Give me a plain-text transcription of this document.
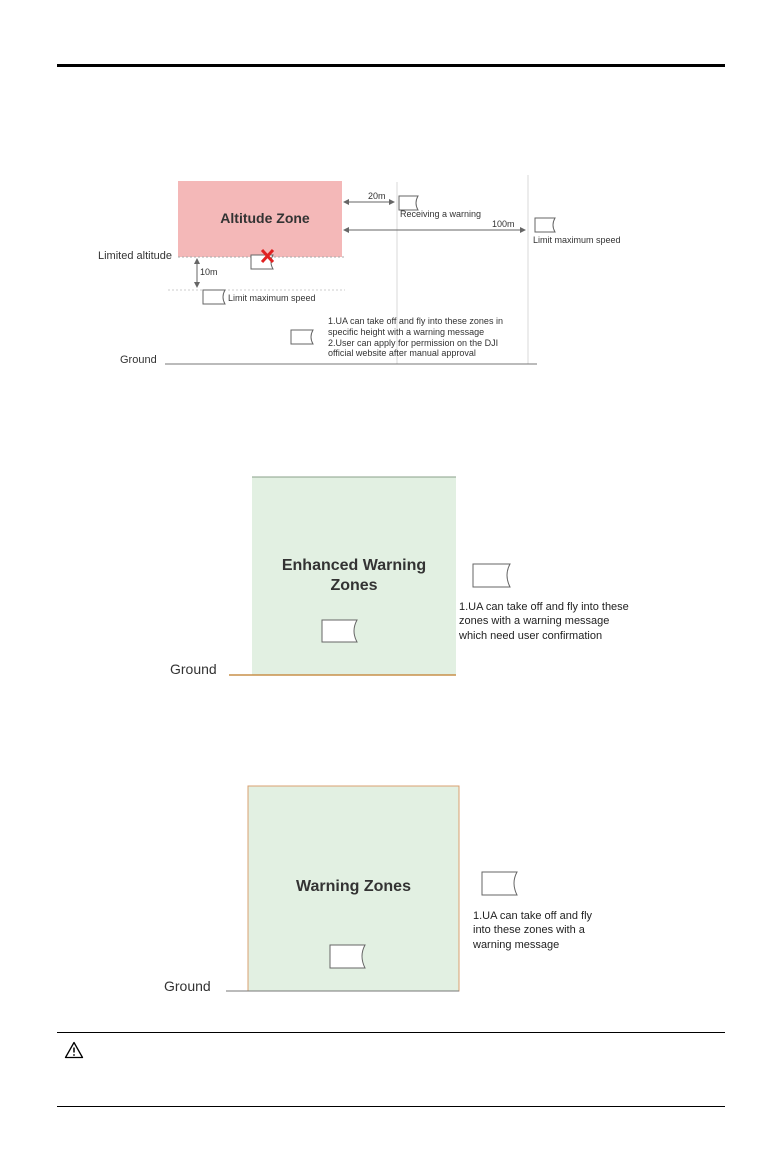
Altitude Zone
Limited altitude
20m
Receiving a warning
100m
Limit maximum speed
10m
Limit maximum speed
1.UA can take off and fly into these zones in
specific height with a warning message
2.User can apply for permission on the DJI
official website after manual approval
Ground
Enhanced Warning
Zones
1.UA can take off and fly into these
zones with a warning message
which need user confirmation
Ground
Warning Zones
1.UA can take off and fly
into these zones with a
warning message
Ground
